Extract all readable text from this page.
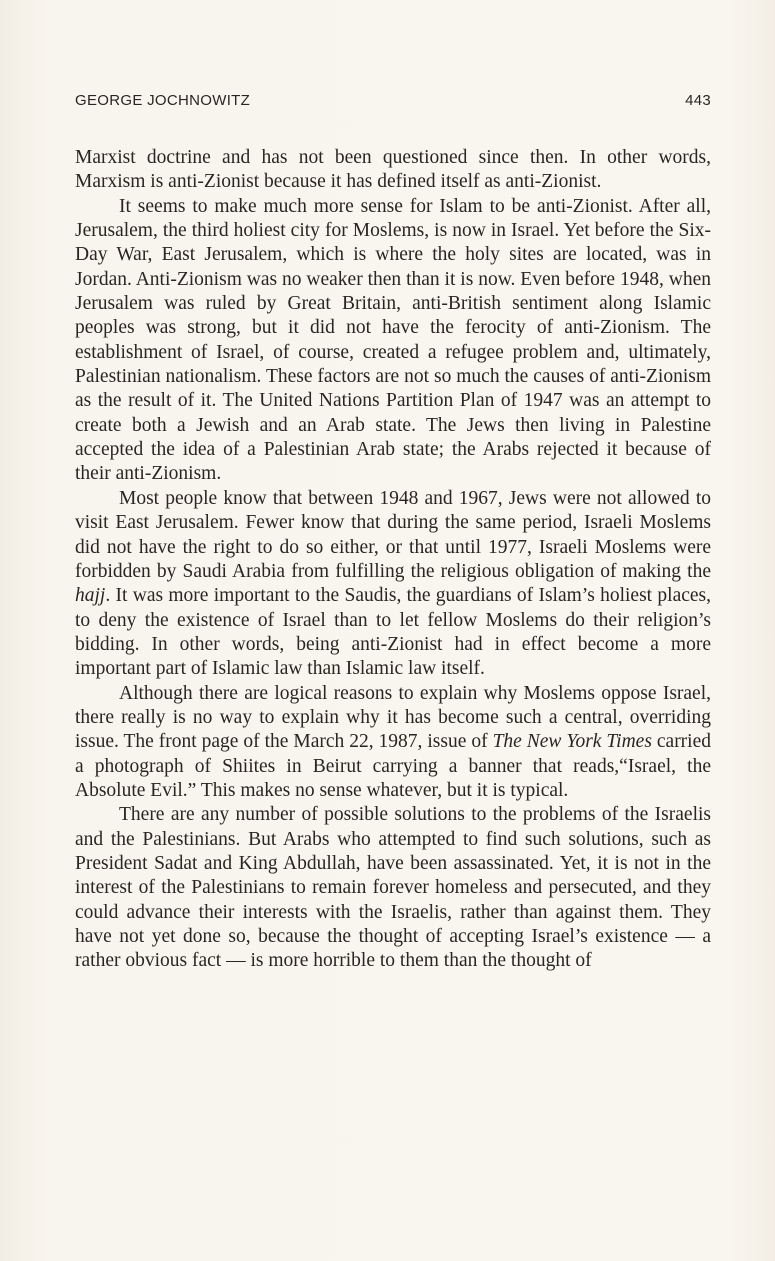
GEORGE JOCHNOWITZ	443

Marxist doctrine and has not been questioned since then. In other words, Marxism is anti-Zionist because it has defined itself as anti-Zionist.

It seems to make much more sense for Islam to be anti-Zionist. After all, Jerusalem, the third holiest city for Moslems, is now in Israel. Yet before the Six-Day War, East Jerusalem, which is where the holy sites are located, was in Jordan. Anti-Zionism was no weaker then than it is now. Even before 1948, when Jerusalem was ruled by Great Britain, anti-British sentiment along Islamic peoples was strong, but it did not have the ferocity of anti-Zionism. The establishment of Israel, of course, created a refugee problem and, ultimately, Palestinian nationalism. These factors are not so much the causes of anti-Zionism as the result of it. The United Nations Partition Plan of 1947 was an attempt to create both a Jewish and an Arab state. The Jews then living in Palestine accepted the idea of a Palestinian Arab state; the Arabs rejected it because of their anti-Zionism.

Most people know that between 1948 and 1967, Jews were not allowed to visit East Jerusalem. Fewer know that during the same period, Israeli Moslems did not have the right to do so either, or that until 1977, Israeli Moslems were forbidden by Saudi Arabia from fulfilling the religious obligation of making the hajj. It was more important to the Saudis, the guardians of Islam’s holiest places, to deny the existence of Israel than to let fellow Moslems do their religion’s bidding. In other words, being anti-Zionist had in effect become a more important part of Islamic law than Islamic law itself.

Although there are logical reasons to explain why Moslems oppose Israel, there really is no way to explain why it has become such a central, overriding issue. The front page of the March 22, 1987, issue of The New York Times carried a photograph of Shiites in Beirut carrying a banner that reads,“Israel, the Absolute Evil.” This makes no sense whatever, but it is typical.

There are any number of possible solutions to the problems of the Israelis and the Palestinians. But Arabs who attempted to find such solutions, such as President Sadat and King Abdullah, have been assassinated. Yet, it is not in the interest of the Palestinians to remain forever homeless and persecuted, and they could advance their interests with the Israelis, rather than against them. They have not yet done so, because the thought of accepting Israel’s existence — a rather obvious fact — is more horrible to them than the thought of
